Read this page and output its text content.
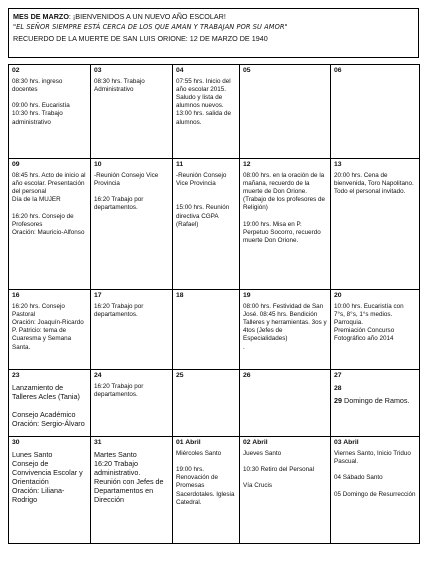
MES DE MARZO: ¡BIENVENIDOS A UN NUEVO AÑO ESCOLAR!
"EL SEÑOR SIEMPRE ESTÁ CERCA DE LOS QUE AMAN Y TRABAJAN POR SU AMOR"
RECUERDO DE LA MUERTE DE SAN LUIS ORIONE: 12 DE MARZO DE 1940
02
08:30 hrs. ingreso docentes

09:00 hrs. Eucaristía
10:30 hrs. Trabajo administrativo	03
08:30 hrs. Trabajo Administrativo	04
07:55 hrs. Inicio del año escolar 2015.
Saludo y lista de alumnos nuevos.
13:00 hrs. salida de alumnos.	05	06

09
08:45 hrs. Acto de inicio al año escolar. Presentación del personal
Día de la MUJER

16:20 hrs. Consejo de Profesores
Oración: Mauricio-Alfonso	10
-Reunión Consejo Vice Provincia

16:20 Trabajo por departamentos.	11
-Reunión Consejo Vice Provincia

15:00 hrs. Reunión directiva CGPA (Rafael)	12
08:00 hrs. en la oración de la mañana, recuerdo de la muerte de Don Orione.
(Trabajo de los profesores de Religión)

19:00 hrs. Misa en P. Perpetuo Socorro, recuerdo muerte Don Orione.	13
20:00 hrs. Cena de bienvenida, Toro Napolitano. Todo el personal invitado.

16
16:20 hrs. Consejo Pastoral
Oración: Joaquín-Ricardo
P. Patricio: tema de Cuaresma y Semana Santa.	17
16:20 Trabajo por departamentos.	18	19
08:00 hrs. Festividad de San José. 08:45 hrs. Bendición Talleres y herramientas. 3os y 4tos (Jefes de Especialidades)
.	20
10:00 hrs. Eucaristía con 7°s, 8°s, 1°s medios. Parroquia.
Premiación Concurso Fotográfico año 2014

23
Lanzamiento de Talleres Acles (Tania)

Consejo Académico
Oración: Sergio-Álvaro	24
16:20 Trabajo por departamentos.	25	26	27
28
29 Domingo de Ramos.

30
Lunes Santo
Consejo de Convivencia Escolar y Orientación
Oración: Liliana-Rodrigo	31
Martes Santo
16:20 Trabajo administrativo.
Reunión con Jefes de Departamentos en Dirección	01 Abril
Miércoles Santo

19:00 hrs. Renovación de Promesas Sacerdotales. Iglesia Catedral.	02 Abril
Jueves Santo

10:30 Retiro del Personal

Vía Crucis	03 Abril
Viernes Santo, Inicio Triduo Pascual.

04 Sábado Santo

05 Domingo de Resurrección
